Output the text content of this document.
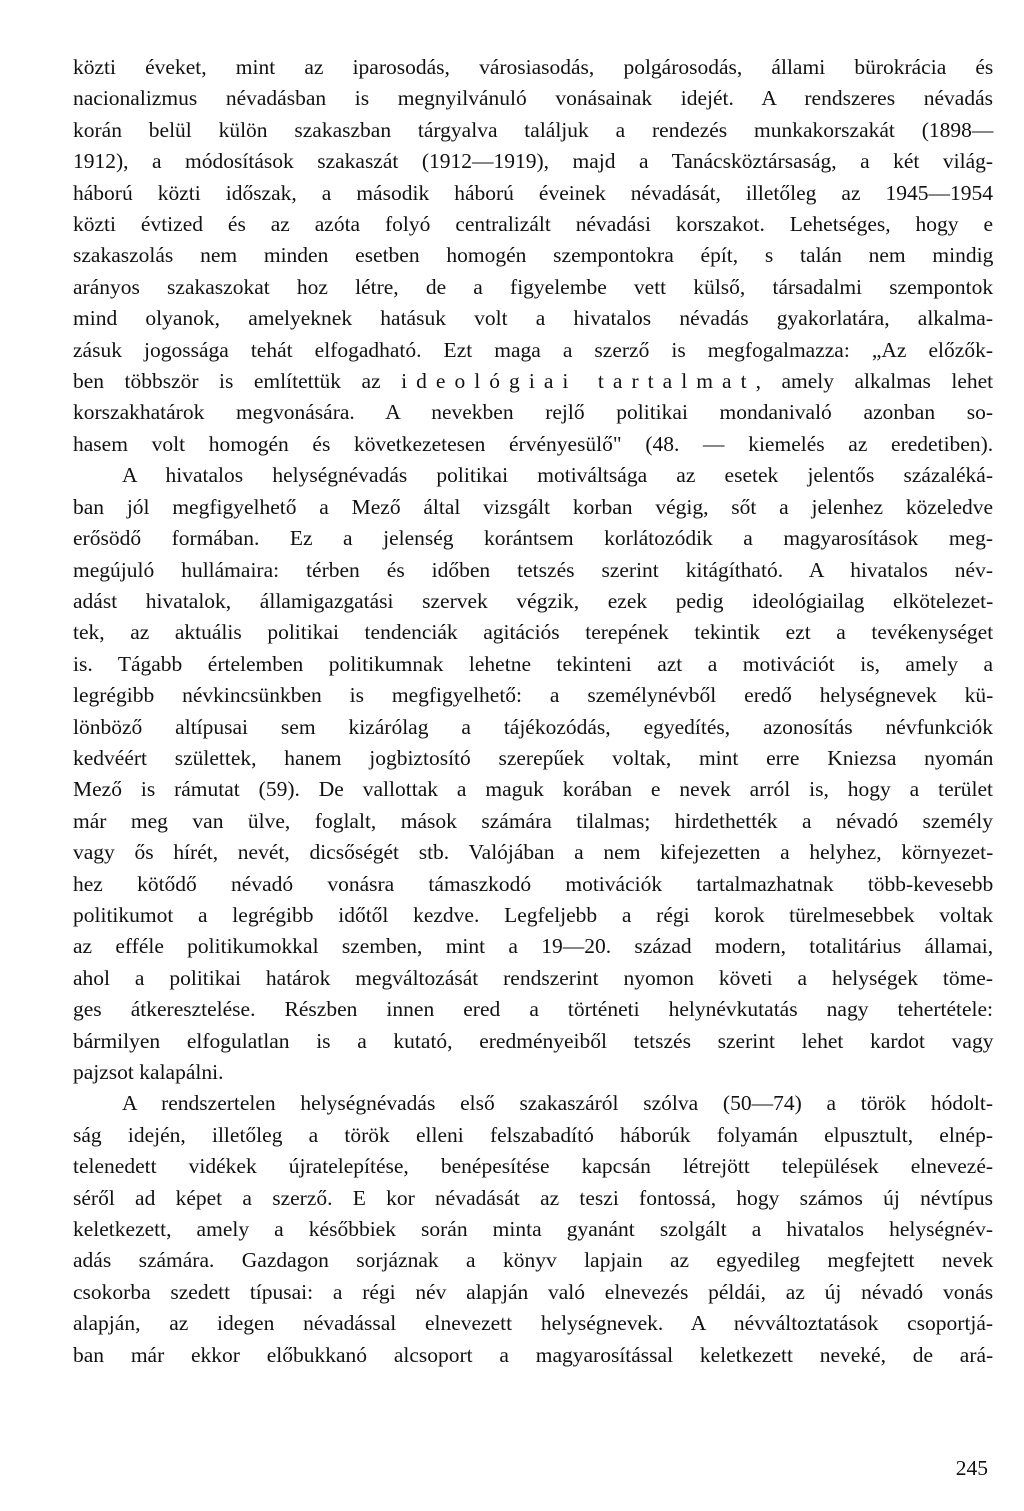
közti éveket, mint az iparosodás, városiasodás, polgárosodás, állami bürokrácia és
nacionalizmus névadásban is megnyilvánuló vonásainak idejét. A rendszeres névadás
korán belül külön szakaszban tárgyalva találjuk a rendezés munkakorszakát (1898—
1912), a módosítások szakaszát (1912—1919), majd a Tanácsköztársaság, a két világ-
háború közti időszak, a második háború éveinek névadását, illetőleg az 1945—1954
közti évtized és az azóta folyó centralizált névadási korszakot. Lehetséges, hogy e
szakaszolás nem minden esetben homogén szempontokra épít, s talán nem mindig
arányos szakaszokat hoz létre, de a figyelembe vett külső, társadalmi szempontok
mind olyanok, amelyeknek hatásuk volt a hivatalos névadás gyakorlatára, alkalma-
zásuk jogossága tehát elfogadható. Ezt maga a szerző is megfogalmazza: „Az előzők-
ben többször is említettük az ideológiai tartalmat, amely alkalmas lehet
korszakhatárok megvonására. A nevekben rejlő politikai mondanivaló azonban so-
hasem volt homogén és következetesen érvényesülő" (48. — kiemelés az eredetiben).
A hivatalos helységnévadás politikai motiváltsága az esetek jelentős százaléká-
ban jól megfigyelhető a Mező által vizsgált korban végig, sőt a jelenhez közeledve
erősödő formában. Ez a jelenség korántsem korlátozódik a magyarosítások meg-
megújuló hullámaira: térben és időben tetszés szerint kitágítható. A hivatalos név-
adást hivatalok, államigazgatási szervek végzik, ezek pedig ideológiailag elkötelezet-
tek, az aktuális politikai tendenciák agitációs terepének tekintik ezt a tevékenységet
is. Tágabb értelemben politikumnak lehetne tekinteni azt a motivációt is, amely a
legrégibb névkincsünkben is megfigyelhető: a személynévből eredő helységnevek kü-
lönböző altípusai sem kizárólag a tájékozódás, egyedítés, azonosítás névfunkciók
kedvéért születtek, hanem jogbiztosító szerepűek voltak, mint erre Kniezsa nyomán
Mező is rámutat (59). De vallottak a maguk korában e nevek arról is, hogy a terület
már meg van ülve, foglalt, mások számára tilalmas; hirdethették a névadó személy
vagy ős hírét, nevét, dicsőségét stb. Valójában a nem kifejezetten a helyhez, környezet-
hez kötődő névadó vonásra támaszkodó motivációk tartalmazhatnak több-kevesebb
politikumot a legrégibb időtől kezdve. Legfeljebb a régi korok türelmesebbek voltak
az efféle politikumokkal szemben, mint a 19—20. század modern, totalitárius államai,
ahol a politikai határok megváltozását rendszerint nyomon követi a helységek töme-
ges átkeresztelése. Részben innen ered a történeti helynévkutatás nagy tehertétele:
bármilyen elfogulatlan is a kutató, eredményeiből tetszés szerint lehet kardot vagy
pajzsot kalapálni.
A rendszertelen helységnévadás első szakaszáról szólva (50—74) a török hódolt-
ság idején, illetőleg a török elleni felszabadító háborúk folyamán elpusztult, elnép-
telenedett vidékek újratelepítése, benépesítése kapcsán létrejött települések elnevezé-
séről ad képet a szerző. E kor névadását az teszi fontossá, hogy számos új névtípus
keletkezett, amely a későbbiek során minta gyanánt szolgált a hivatalos helységnév-
adás számára. Gazdagon sorjáznak a könyv lapjain az egyedileg megfejtett nevek
csokorba szedett típusai: a régi név alapján való elnevezés példái, az új névadó vonás
alapján, az idegen névadással elnevezett helységnevek. A névváltoztatások csoportjá-
ban már ekkor előbukkanó alcsoport a magyarosítással keletkezett neveké, de ará-
245
